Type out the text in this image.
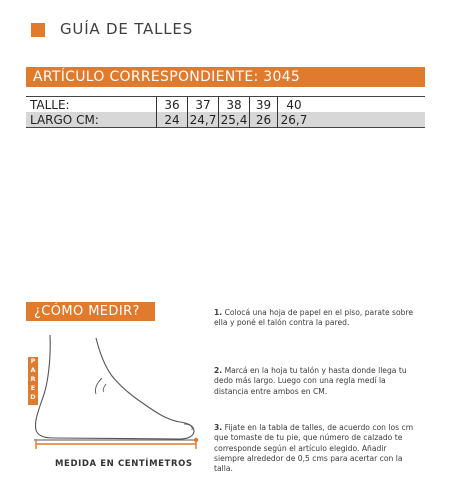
GUÍA DE TALLES
ARTÍCULO CORRESPONDIENTE: 3045
TALLE:	36	37	38	39	40
LARGO CM:	24 24,7 25,4 26 26,7
¿CÓMO MEDIR?
P
A
R
E
D
MEDIDA EN CENTÍMETROS
1. Colocá una hoja de papel en el piso, parate sobre ella y poné el talón contra la pared.
2. Marcá en la hoja tu talón y hasta donde llega tu dedo más largo. Luego con una regla medí la distancia entre ambos en CM.
3. Fijate en la tabla de talles, de acuerdo con los cm que tomaste de tu pie, que número de calzado te corresponde según el artículo elegido. Añadir siempre alrededor de 0,5 cms para acertar con la talla.
